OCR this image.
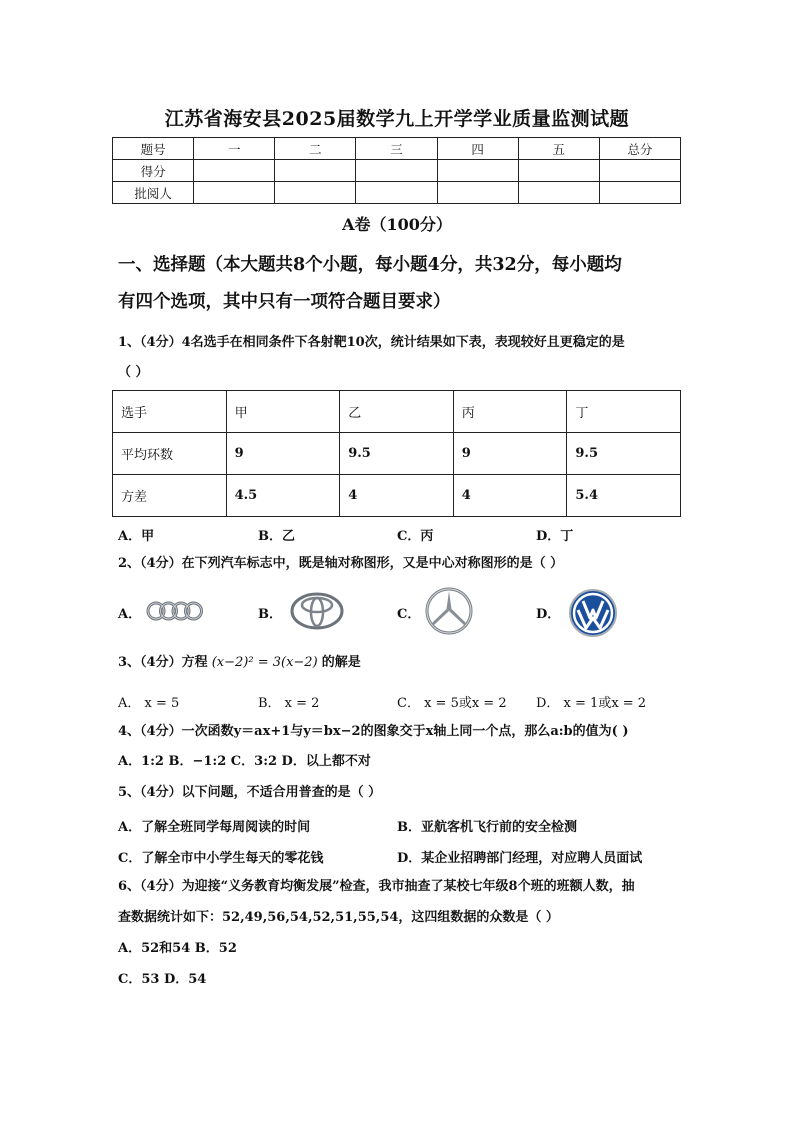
江苏省海安县2025届数学九上开学学业质量监测试题
题号	一	二	三	四	五	总分
得分						
批阅人						
A卷（100分）
一、选择题（本大题共8个小题，每小题4分，共32分，每小题均
有四个选项，其中只有一项符合题目要求）
1、（4分）4名选手在相同条件下各射靶10次，统计结果如下表，表现较好且更稳定的是
（ ）
选手	甲	乙	丙	丁
平均环数	9	9.5	9	9.5
方差	4.5	4	4	5.4
A．甲	B．乙	C．丙	D．丁
2、（4分）在下列汽车标志中，既是轴对称图形，又是中心对称图形的是（ ）
A．	B．	C．	D．
3、（4分）方程 (x−2)² = 3(x−2) 的解是
A． x = 5	B． x = 2	C． x = 5或x = 2 D． x = 1或x = 2
4、（4分）一次函数y＝ax+1与y＝bx−2的图象交于x轴上同一个点，那么a:b的值为( )
A．1:2 B．−1:2 C．3:2 D．以上都不对
5、（4分）以下问题，不适合用普查的是（ ）
A．了解全班同学每周阅读的时间	B．亚航客机飞行前的安全检测
C．了解全市中小学生每天的零花钱	D．某企业招聘部门经理，对应聘人员面试
6、（4分）为迎接“义务教育均衡发展”检查，我市抽查了某校七年级8个班的班额人数，抽
查数据统计如下：52,49,56,54,52,51,55,54，这四组数据的众数是（ ）
A．52和54 B．52
C．53 D．54
